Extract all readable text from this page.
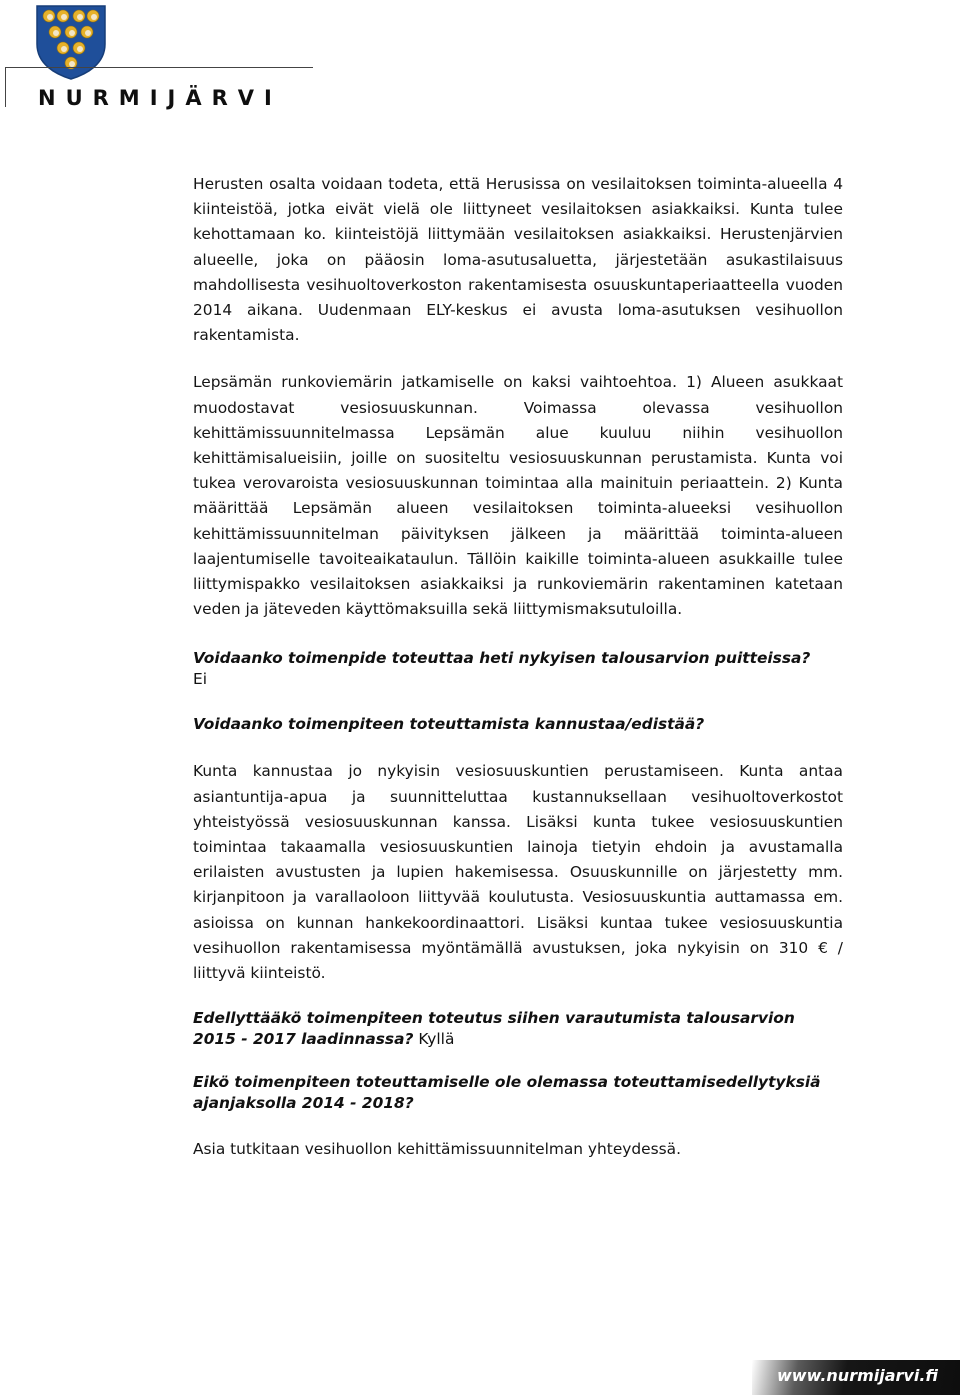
NURMIJÄRVI

Herusten osalta voidaan todeta, että Herusissa on vesilaitoksen toiminta-alueella 4 kiinteistöä, jotka eivät vielä ole liittyneet vesilaitoksen asiakkaiksi. Kunta tulee kehottamaan ko. kiinteistöjä liittymään vesilaitoksen asiakkaiksi. Herustenjärvien alueelle, joka on pääosin loma-asutusaluetta, järjestetään asukastilaisuus mahdollisesta vesihuoltoverkoston rakentamisesta osuuskuntaperiaatteella vuoden 2014 aikana. Uudenmaan ELY-keskus ei avusta loma-asutuksen vesihuollon rakentamista.

Lepsämän runkoviemärin jatkamiselle on kaksi vaihtoehtoa. 1) Alueen asukkaat muodostavat vesiosuuskunnan. Voimassa olevassa vesihuollon kehittämissuunnitelmassa Lepsämän alue kuuluu niihin vesihuollon kehittämisalueisiin, joille on suositeltu vesiosuuskunnan perustamista. Kunta voi tukea verovaroista vesiosuuskunnan toimintaa alla mainituin periaattein. 2) Kunta määrittää Lepsämän alueen vesilaitoksen toiminta-alueeksi vesihuollon kehittämissuunnitelman päivityksen jälkeen ja määrittää toiminta-alueen laajentumiselle tavoiteaikataulun. Tällöin kaikille toiminta-alueen asukkaille tulee liittymispakko vesilaitoksen asiakkaiksi ja runkoviemärin rakentaminen katetaan veden ja jäteveden käyttömaksuilla sekä liittymismaksutuloilla.

Voidaanko toimenpide toteuttaa heti nykyisen talousarvion puitteissa?

Ei

Voidaanko toimenpiteen toteuttamista kannustaa/edistää?

Kunta kannustaa jo nykyisin vesiosuuskuntien perustamiseen. Kunta antaa asiantuntija-apua ja suunnitteluttaa kustannuksellaan vesihuoltoverkostot yhteistyössä vesiosuuskunnan kanssa. Lisäksi kunta tukee vesiosuuskuntien toimintaa takaamalla vesiosuuskuntien lainoja tietyin ehdoin ja avustamalla erilaisten avustusten ja lupien hakemisessa. Osuuskunnille on järjestetty mm. kirjanpitoon ja varallaoloon liittyvää koulutusta. Vesiosuuskuntia auttamassa em. asioissa on kunnan hankekoordinaattori. Lisäksi kuntaa tukee vesiosuuskuntia vesihuollon rakentamisessa myöntämällä avustuksen, joka nykyisin on 310 € / liittyvä kiinteistö.

Edellyttääkö toimenpiteen toteutus siihen varautumista talousarvion 2015 - 2017 laadinnassa? Kyllä

Eikö toimenpiteen toteuttamiselle ole olemassa toteuttamisedellytyksiä ajanjaksolla 2014 - 2018?

Asia tutkitaan vesihuollon kehittämissuunnitelman yhteydessä.

www.nurmijarvi.fi
